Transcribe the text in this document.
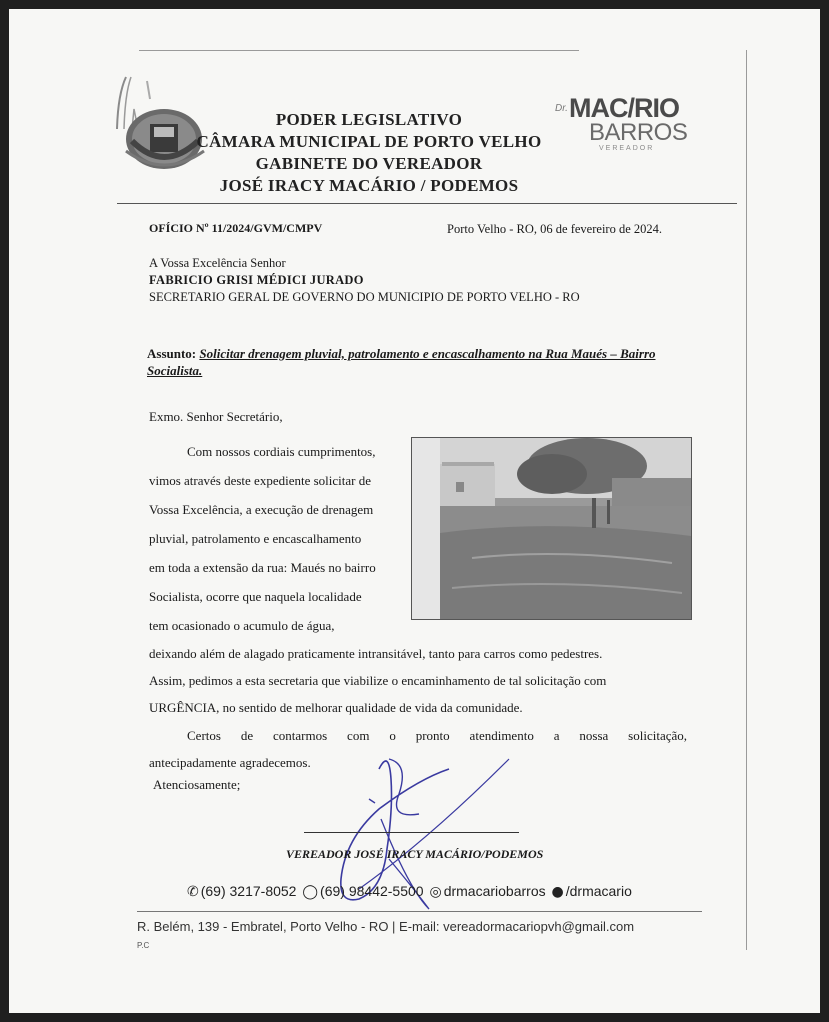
PODER LEGISLATIVO
CÂMARA MUNICIPAL DE PORTO VELHO
GABINETE DO VEREADOR
JOSÉ IRACY MACÁRIO / PODEMOS
Dr. MAC/RIO
BARROS
VEREADOR
OFÍCIO Nº 11/2024/GVM/CMPV	Porto Velho - RO, 06 de fevereiro de 2024.
A Vossa Excelência Senhor
FABRICIO GRISI MÉDICI JURADO
SECRETARIO GERAL DE GOVERNO DO MUNICIPIO DE PORTO VELHO - RO
Assunto: Solicitar drenagem pluvial, patrolamento e encascalhamento na Rua Maués – Bairro Socialista.
Exmo. Senhor Secretário,
Com nossos cordiais cumprimentos,
vimos através deste expediente solicitar de
Vossa Excelência, a execução de drenagem
pluvial, patrolamento e encascalhamento
em toda a extensão da rua: Maués no bairro
Socialista, ocorre que naquela localidade
tem ocasionado o acumulo de água,
deixando além de alagado praticamente intransitável, tanto para carros como pedestres.
Assim, pedimos a esta secretaria que viabilize o encaminhamento de tal solicitação com
URGÊNCIA, no sentido de melhorar qualidade de vida da comunidade.
Certos de contarmos com o pronto atendimento a nossa solicitação,
antecipadamente agradecemos.
Atenciosamente;
VEREADOR JOSÉ IRACY MACÁRIO/PODEMOS
✆ (69) 3217-8052 ◯ (69) 98442-5500 ◎ drmacariobarros ● /drmacario
R. Belém, 139 - Embratel, Porto Velho - RO | E-mail: vereadormacariopvh@gmail.com
P.C
